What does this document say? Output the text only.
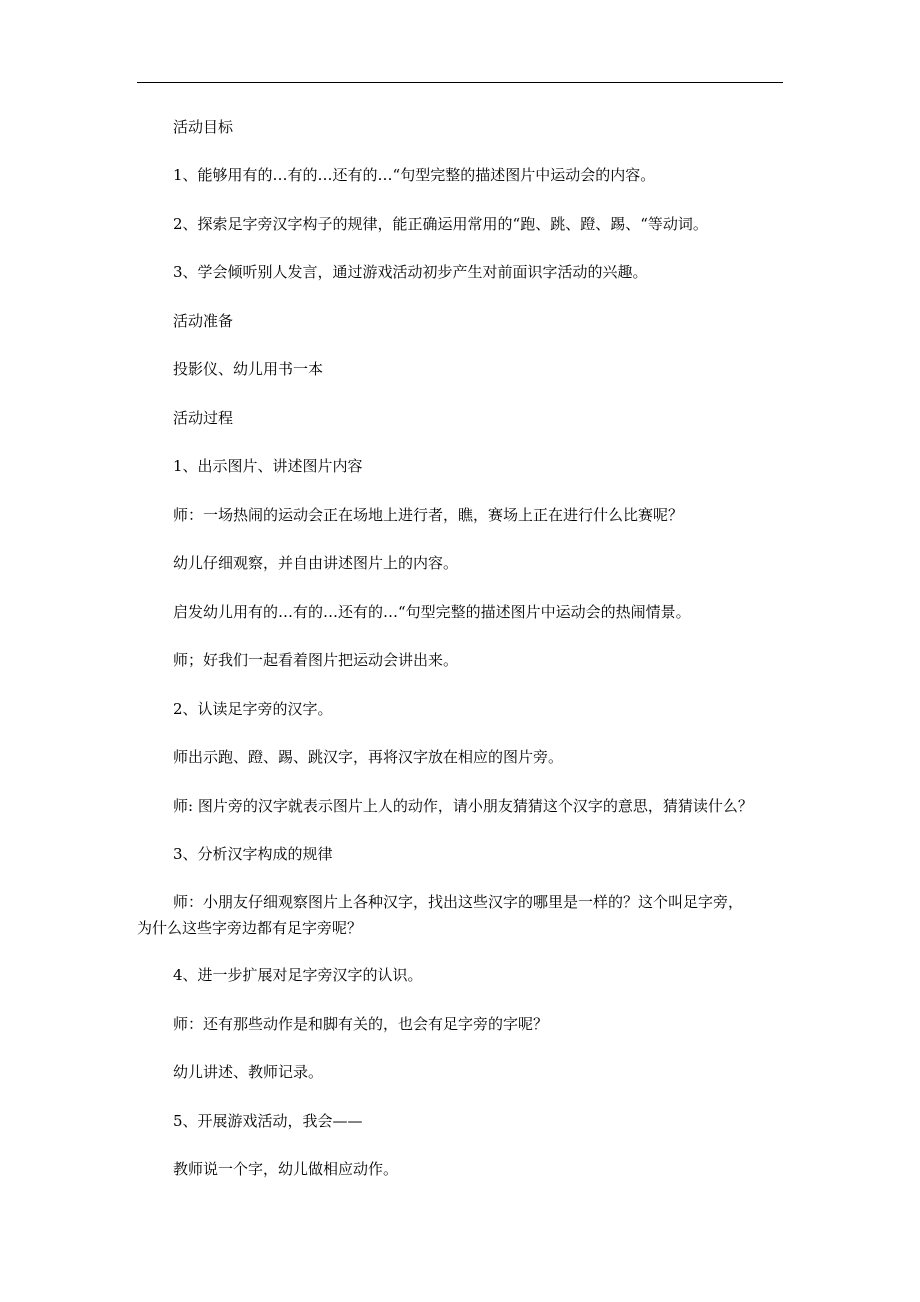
活动目标
1、能够用有的…有的…还有的…“句型完整的描述图片中运动会的内容。
2、探索足字旁汉字构子的规律，能正确运用常用的“跑、跳、蹬、踢、“等动词。
3、学会倾听别人发言，通过游戏活动初步产生对前面识字活动的兴趣。
活动准备
投影仪、幼儿用书一本
活动过程
1、出示图片、讲述图片内容
师：一场热闹的运动会正在场地上进行者，瞧，赛场上正在进行什么比赛呢？
幼儿仔细观察，并自由讲述图片上的内容。
启发幼儿用有的…有的…还有的…“句型完整的描述图片中运动会的热闹情景。
师；好我们一起看着图片把运动会讲出来。
2、认读足字旁的汉字。
师出示跑、蹬、踢、跳汉字，再将汉字放在相应的图片旁。
师: 图片旁的汉字就表示图片上人的动作，请小朋友猜猜这个汉字的意思，猜猜读什么？
3、分析汉字构成的规律
师：小朋友仔细观察图片上各种汉字，找出这些汉字的哪里是一样的？这个叫足字旁，
为什么这些字旁边都有足字旁呢？
4、进一步扩展对足字旁汉字的认识。
师：还有那些动作是和脚有关的，也会有足字旁的字呢？
幼儿讲述、教师记录。
5、开展游戏活动，我会——
教师说一个字，幼儿做相应动作。
